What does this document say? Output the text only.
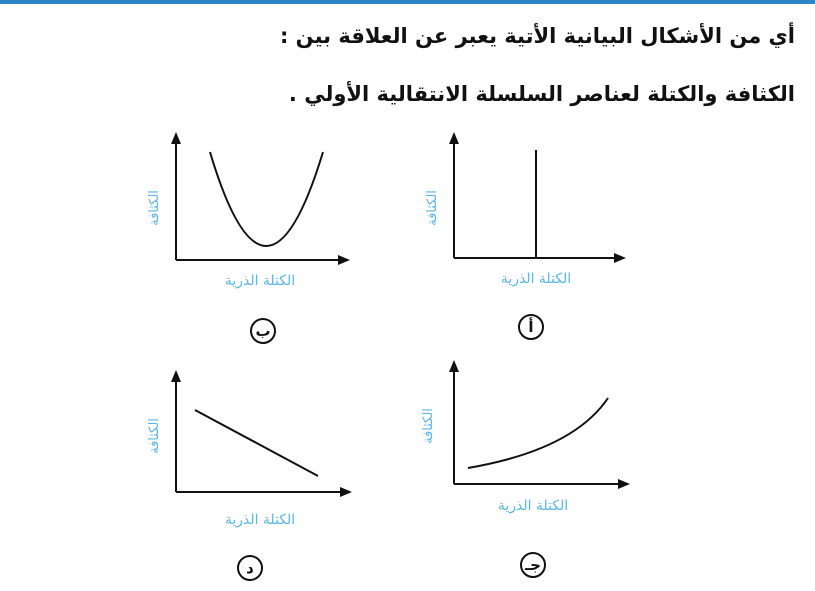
أي من الأشكال البيانية الأتية يعبر عن العلاقة بين :
الكثافة والكتلة لعناصر السلسلة الانتقالية الأولي .
الكثافة
الكتلة الذرية
ب
الكثافة
الكتلة الذرية
أ
الكثافة
الكتلة الذرية
د
الكثافة
الكتلة الذرية
جـ
